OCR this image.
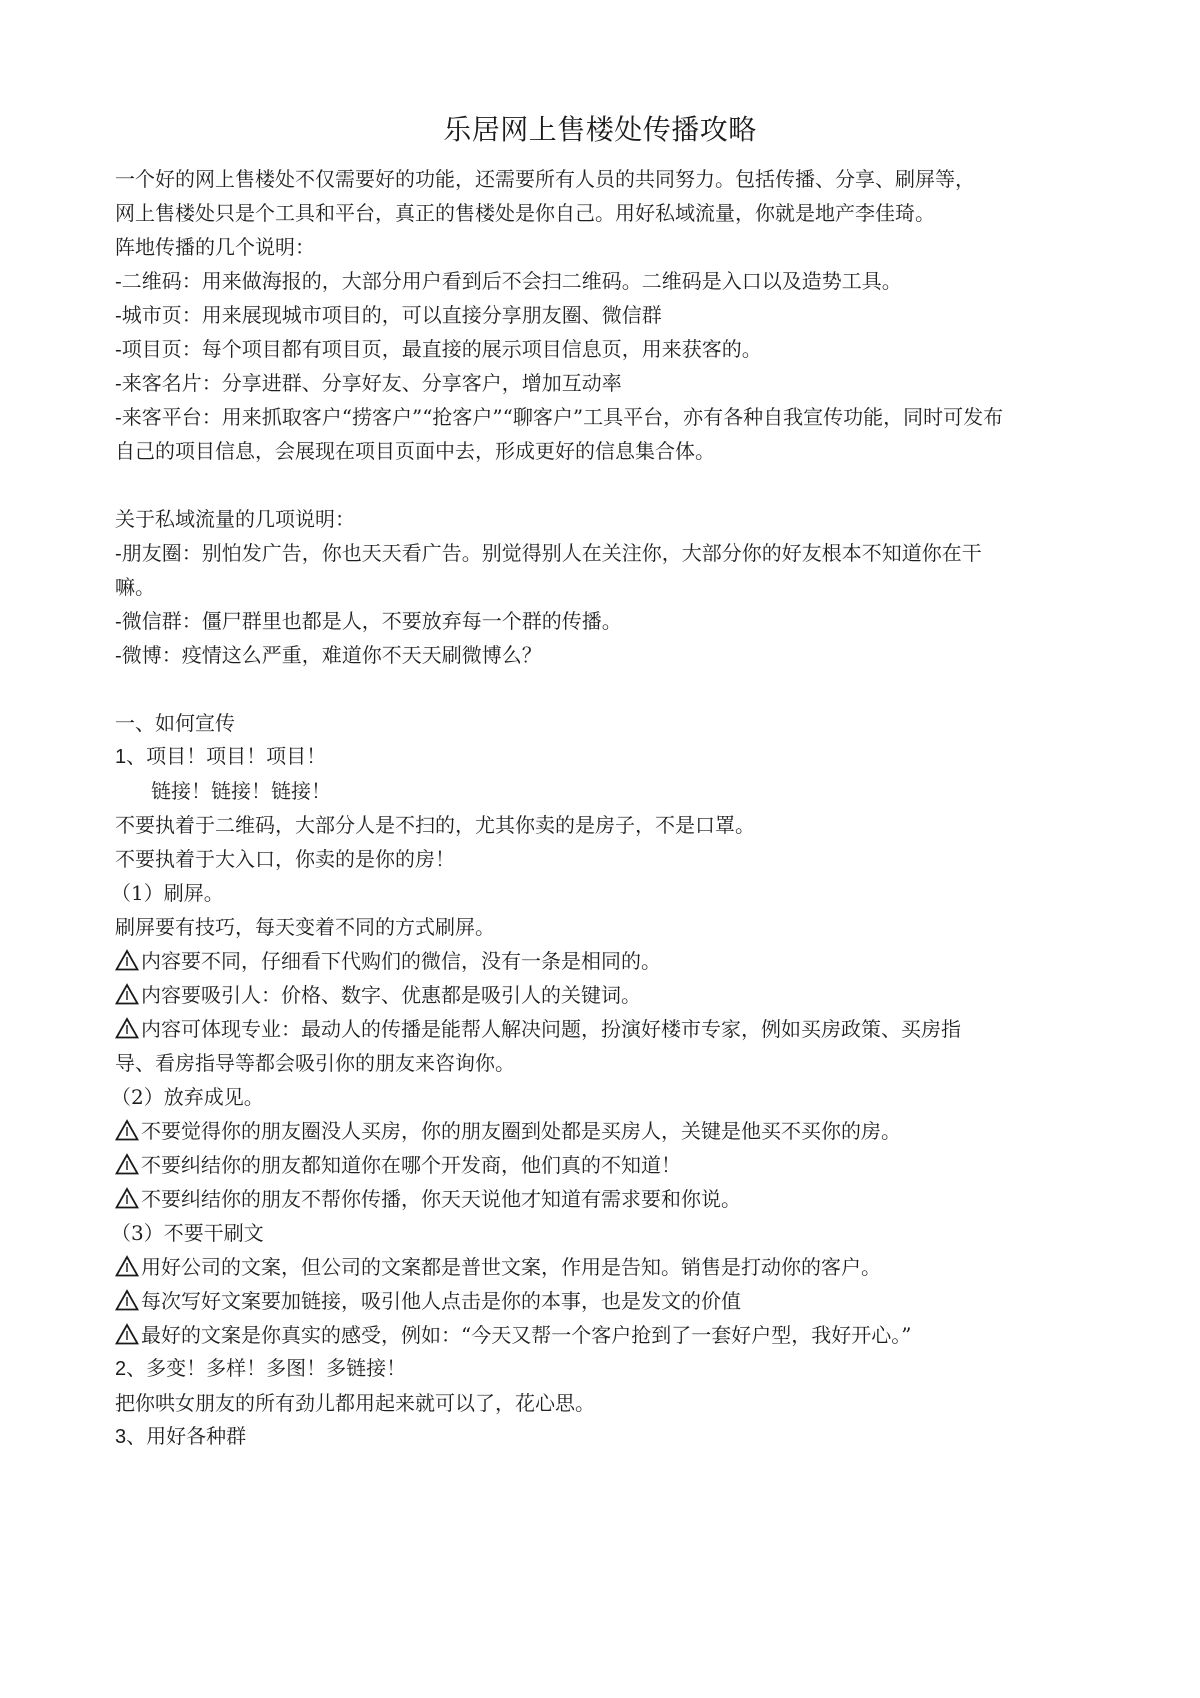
乐居网上售楼处传播攻略
一个好的网上售楼处不仅需要好的功能，还需要所有人员的共同努力。包括传播、分享、刷屏等，
网上售楼处只是个工具和平台，真正的售楼处是你自己。用好私域流量，你就是地产李佳琦。
阵地传播的几个说明：
-二维码：用来做海报的，大部分用户看到后不会扫二维码。二维码是入口以及造势工具。
-城市页：用来展现城市项目的，可以直接分享朋友圈、微信群
-项目页：每个项目都有项目页，最直接的展示项目信息页，用来获客的。
-来客名片：分享进群、分享好友、分享客户，增加互动率
-来客平台：用来抓取客户“捞客户”“抢客户”“聊客户”工具平台，亦有各种自我宣传功能，同时可发布
自己的项目信息，会展现在项目页面中去，形成更好的信息集合体。
关于私域流量的几项说明：
-朋友圈：别怕发广告，你也天天看广告。别觉得别人在关注你，大部分你的好友根本不知道你在干
嘛。
-微信群：僵尸群里也都是人，不要放弃每一个群的传播。
-微博：疫情这么严重，难道你不天天刷微博么？
一、如何宣传
1、项目！项目！项目！
链接！链接！链接！
不要执着于二维码，大部分人是不扫的，尤其你卖的是房子，不是口罩。
不要执着于大入口，你卖的是你的房！
（1）刷屏。
刷屏要有技巧，每天变着不同的方式刷屏。
内容要不同，仔细看下代购们的微信，没有一条是相同的。
内容要吸引人：价格、数字、优惠都是吸引人的关键词。
内容可体现专业：最动人的传播是能帮人解决问题，扮演好楼市专家，例如买房政策、买房指
导、看房指导等都会吸引你的朋友来咨询你。
（2）放弃成见。
不要觉得你的朋友圈没人买房，你的朋友圈到处都是买房人，关键是他买不买你的房。
不要纠结你的朋友都知道你在哪个开发商，他们真的不知道！
不要纠结你的朋友不帮你传播，你天天说他才知道有需求要和你说。
（3）不要干刷文
用好公司的文案，但公司的文案都是普世文案，作用是告知。销售是打动你的客户。
每次写好文案要加链接，吸引他人点击是你的本事，也是发文的价值
最好的文案是你真实的感受，例如：“今天又帮一个客户抢到了一套好户型，我好开心。”
2、多变！多样！多图！多链接！
把你哄女朋友的所有劲儿都用起来就可以了，花心思。
3、用好各种群
